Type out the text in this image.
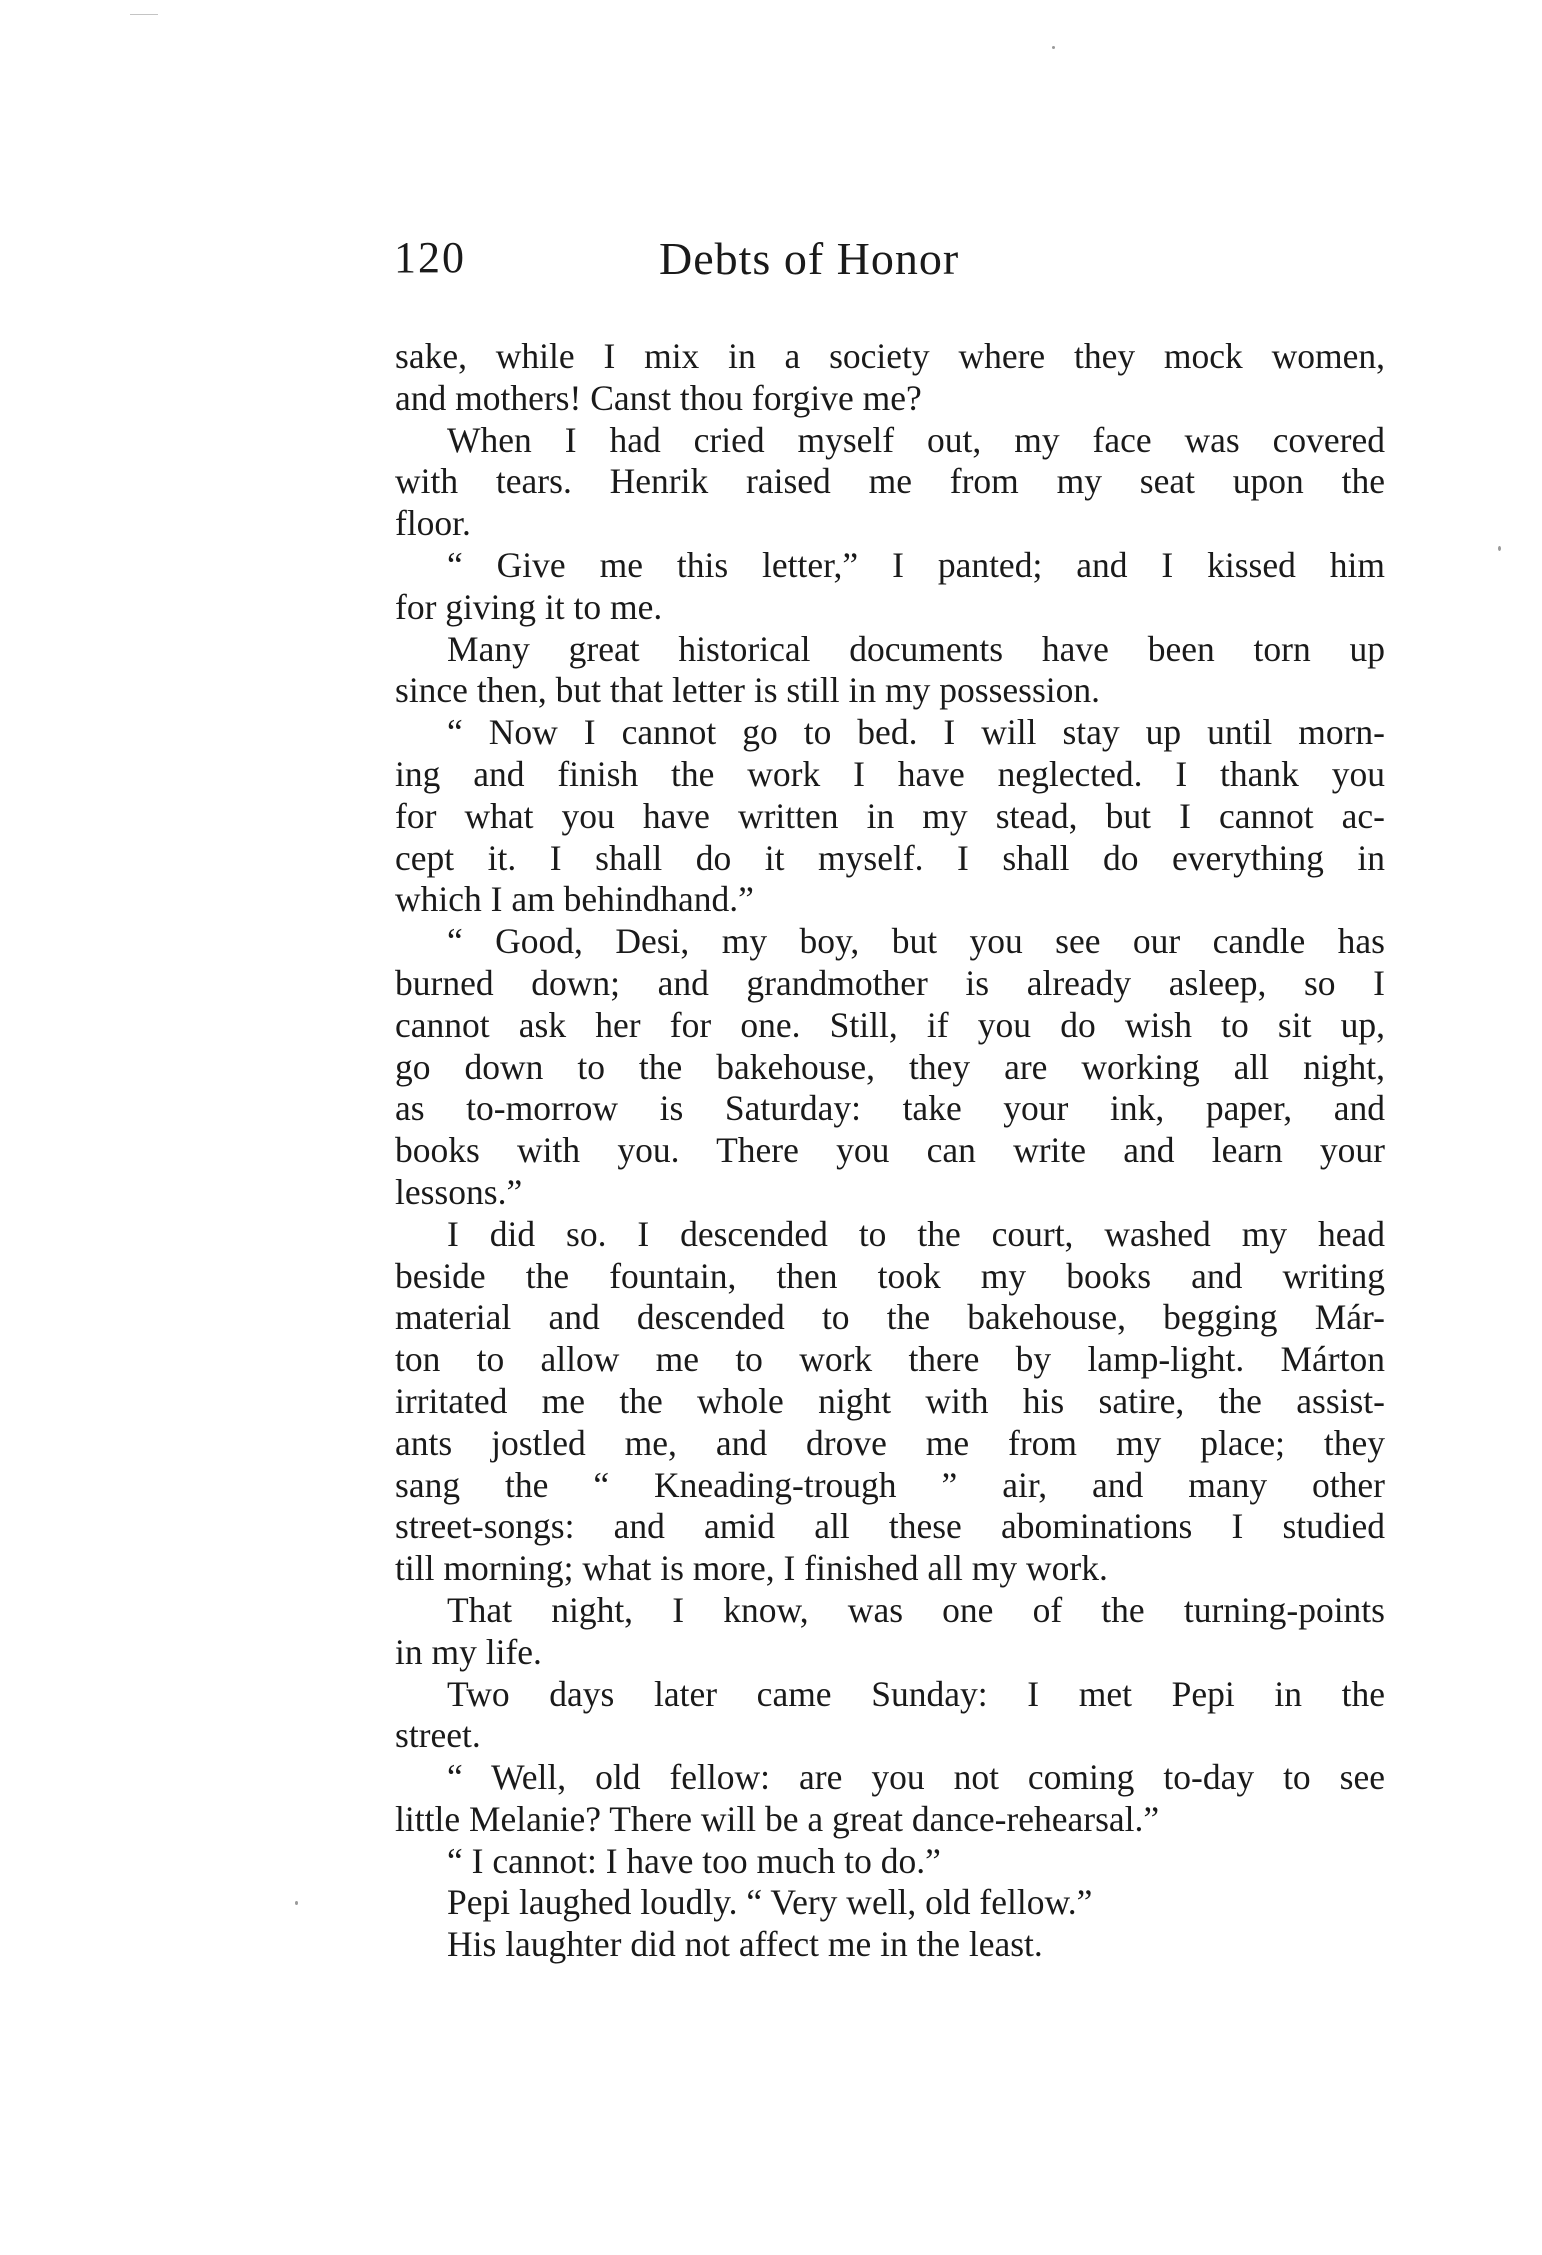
120	Debts of Honor
sake, while I mix in a society where they mock women,
and mothers! Canst thou forgive me?
When I had cried myself out, my face was covered
with tears. Henrik raised me from my seat upon the
floor.
“ Give me this letter,” I panted; and I kissed him
for giving it to me.
Many great historical documents have been torn up
since then, but that letter is still in my possession.
“ Now I cannot go to bed. I will stay up until morn-
ing and finish the work I have neglected. I thank you
for what you have written in my stead, but I cannot ac-
cept it. I shall do it myself. I shall do everything in
which I am behindhand.”
“ Good, Desi, my boy, but you see our candle has
burned down; and grandmother is already asleep, so I
cannot ask her for one. Still, if you do wish to sit up,
go down to the bakehouse, they are working all night,
as to-morrow is Saturday: take your ink, paper, and
books with you. There you can write and learn your
lessons.”
I did so. I descended to the court, washed my head
beside the fountain, then took my books and writing
material and descended to the bakehouse, begging Már-
ton to allow me to work there by lamp-light. Márton
irritated me the whole night with his satire, the assist-
ants jostled me, and drove me from my place; they
sang the “ Kneading-trough ” air, and many other
street-songs: and amid all these abominations I studied
till morning; what is more, I finished all my work.
That night, I know, was one of the turning-points
in my life.
Two days later came Sunday: I met Pepi in the
street.
“ Well, old fellow: are you not coming to-day to see
little Melanie? There will be a great dance-rehearsal.”
“ I cannot: I have too much to do.”
Pepi laughed loudly. “ Very well, old fellow.”
His laughter did not affect me in the least.
